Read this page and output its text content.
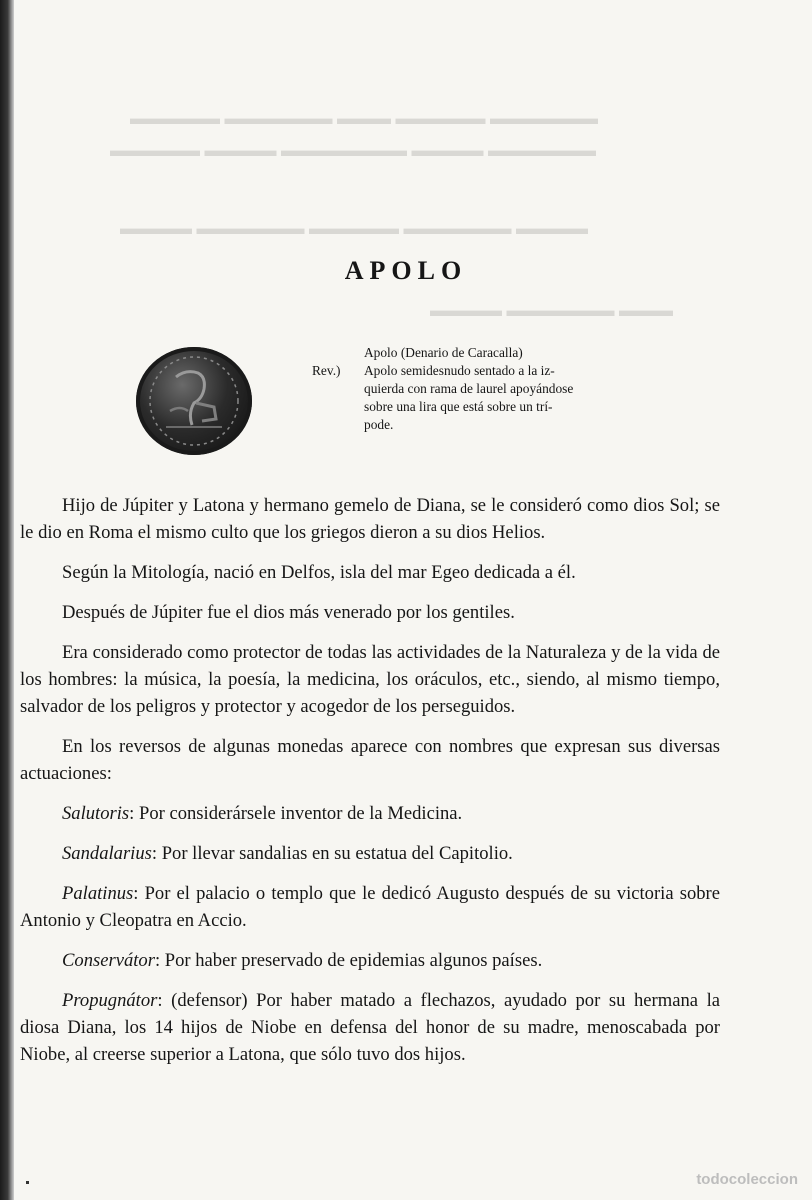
▬▬▬▬▬ ▬▬▬▬▬▬ ▬▬▬ ▬▬▬▬▬ ▬▬▬▬▬▬
▬▬▬▬▬ ▬▬▬▬ ▬▬▬▬▬▬▬ ▬▬▬▬ ▬▬▬▬▬▬
▬▬▬▬ ▬▬▬▬▬▬ ▬▬▬▬▬ ▬▬▬▬▬▬ ▬▬▬▬
▬▬▬▬ ▬▬▬▬▬▬ ▬▬▬
APOLO
Apolo (Denario de Caracalla)
Rev.) Apolo semidesnudo sentado a la iz-
quierda con rama de laurel apoyándose
sobre una lira que está sobre un trí-
pode.

Hijo de Júpiter y Latona y hermano gemelo de Diana, se le consideró como dios Sol; se le dio en Roma el mismo culto que los griegos dieron a su dios Helios.

Según la Mitología, nació en Delfos, isla del mar Egeo dedicada a él.

Después de Júpiter fue el dios más venerado por los gentiles.

Era considerado como protector de todas las actividades de la Naturaleza y de la vida de los hombres: la música, la poesía, la medicina, los oráculos, etc., siendo, al mismo tiempo, salvador de los peligros y protector y acogedor de los perseguidos.

En los reversos de algunas monedas aparece con nombres que expresan sus diversas actuaciones:

Salutoris: Por considerársele inventor de la Medicina.

Sandalarius: Por llevar sandalias en su estatua del Capitolio.

Palatinus: Por el palacio o templo que le dedicó Augusto después de su victoria sobre Antonio y Cleopatra en Accio.

Conservátor: Por haber preservado de epidemias algunos países.

Propugnátor: (defensor) Por haber matado a flechazos, ayudado por su hermana la diosa Diana, los 14 hijos de Niobe en defensa del honor de su madre, menoscabada por Niobe, al creerse superior a Latona, que sólo tuvo dos hijos.

todocoleccion
